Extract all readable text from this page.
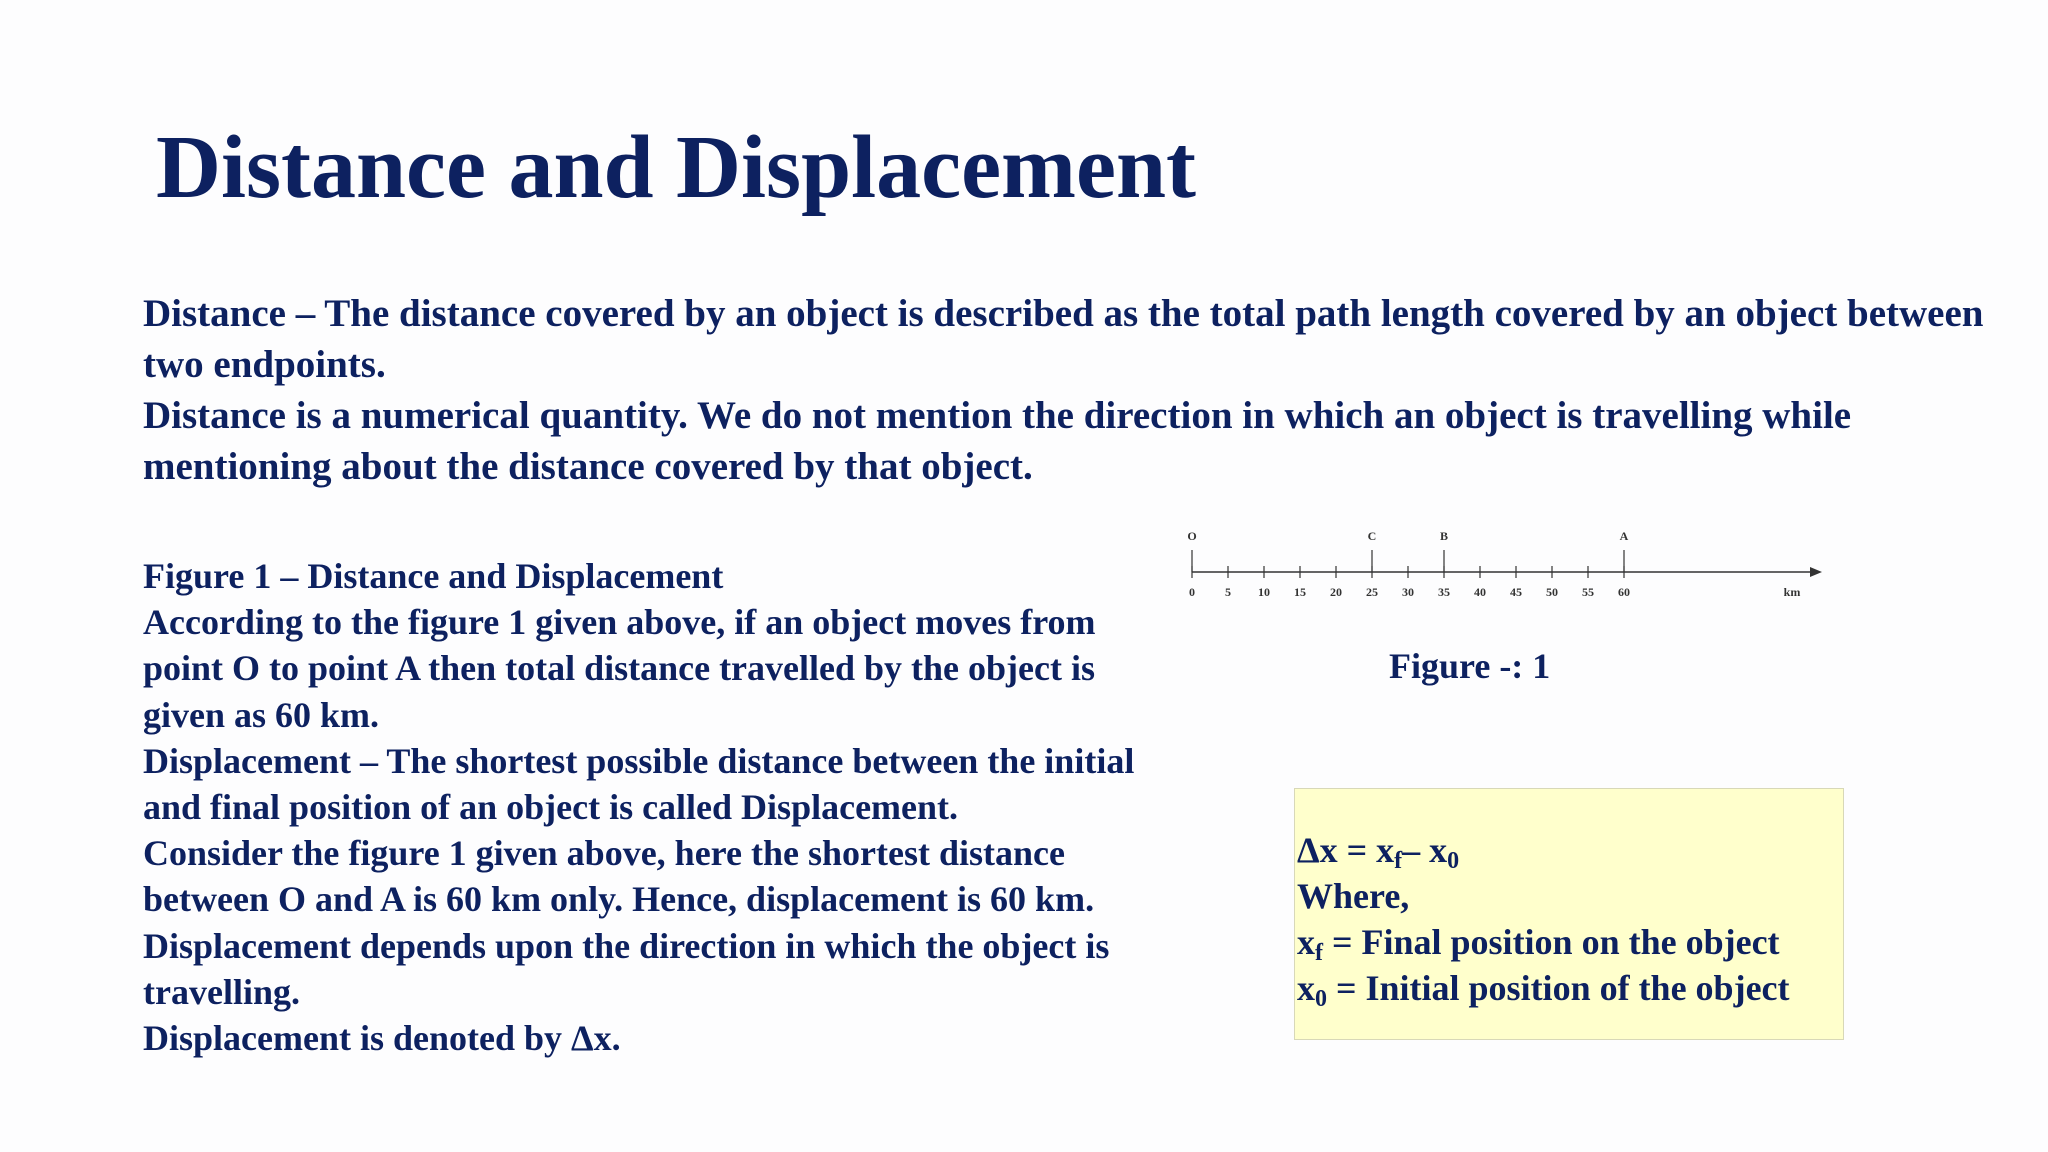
Distance and Displacement

Distance – The distance covered by an object is described as the total path length covered by an object between two endpoints.

Distance is a numerical quantity. We do not mention the direction in which an object is travelling while mentioning about the distance covered by that object.

Figure 1 – Distance and Displacement

According to the figure 1 given above, if an object moves from

point O to point A then total distance travelled by the object is

given as 60 km.

Displacement – The shortest possible distance between the initial

and final position of an object is called Displacement.

Consider the figure 1 given above, here the shortest distance

between O and A is 60 km only. Hence, displacement is 60 km.

Displacement depends upon the direction in which the object is

travelling.

Displacement is denoted by Δx.

km
0	5 10 15 20 25 30 35 40 45 50 55 60
O	C	B	A
Figure -: 1

$\Delta x = x_f-$ $x_0$

Where,

$x_f$ = Final position on the object

$x_0$ = Initial position of the object
